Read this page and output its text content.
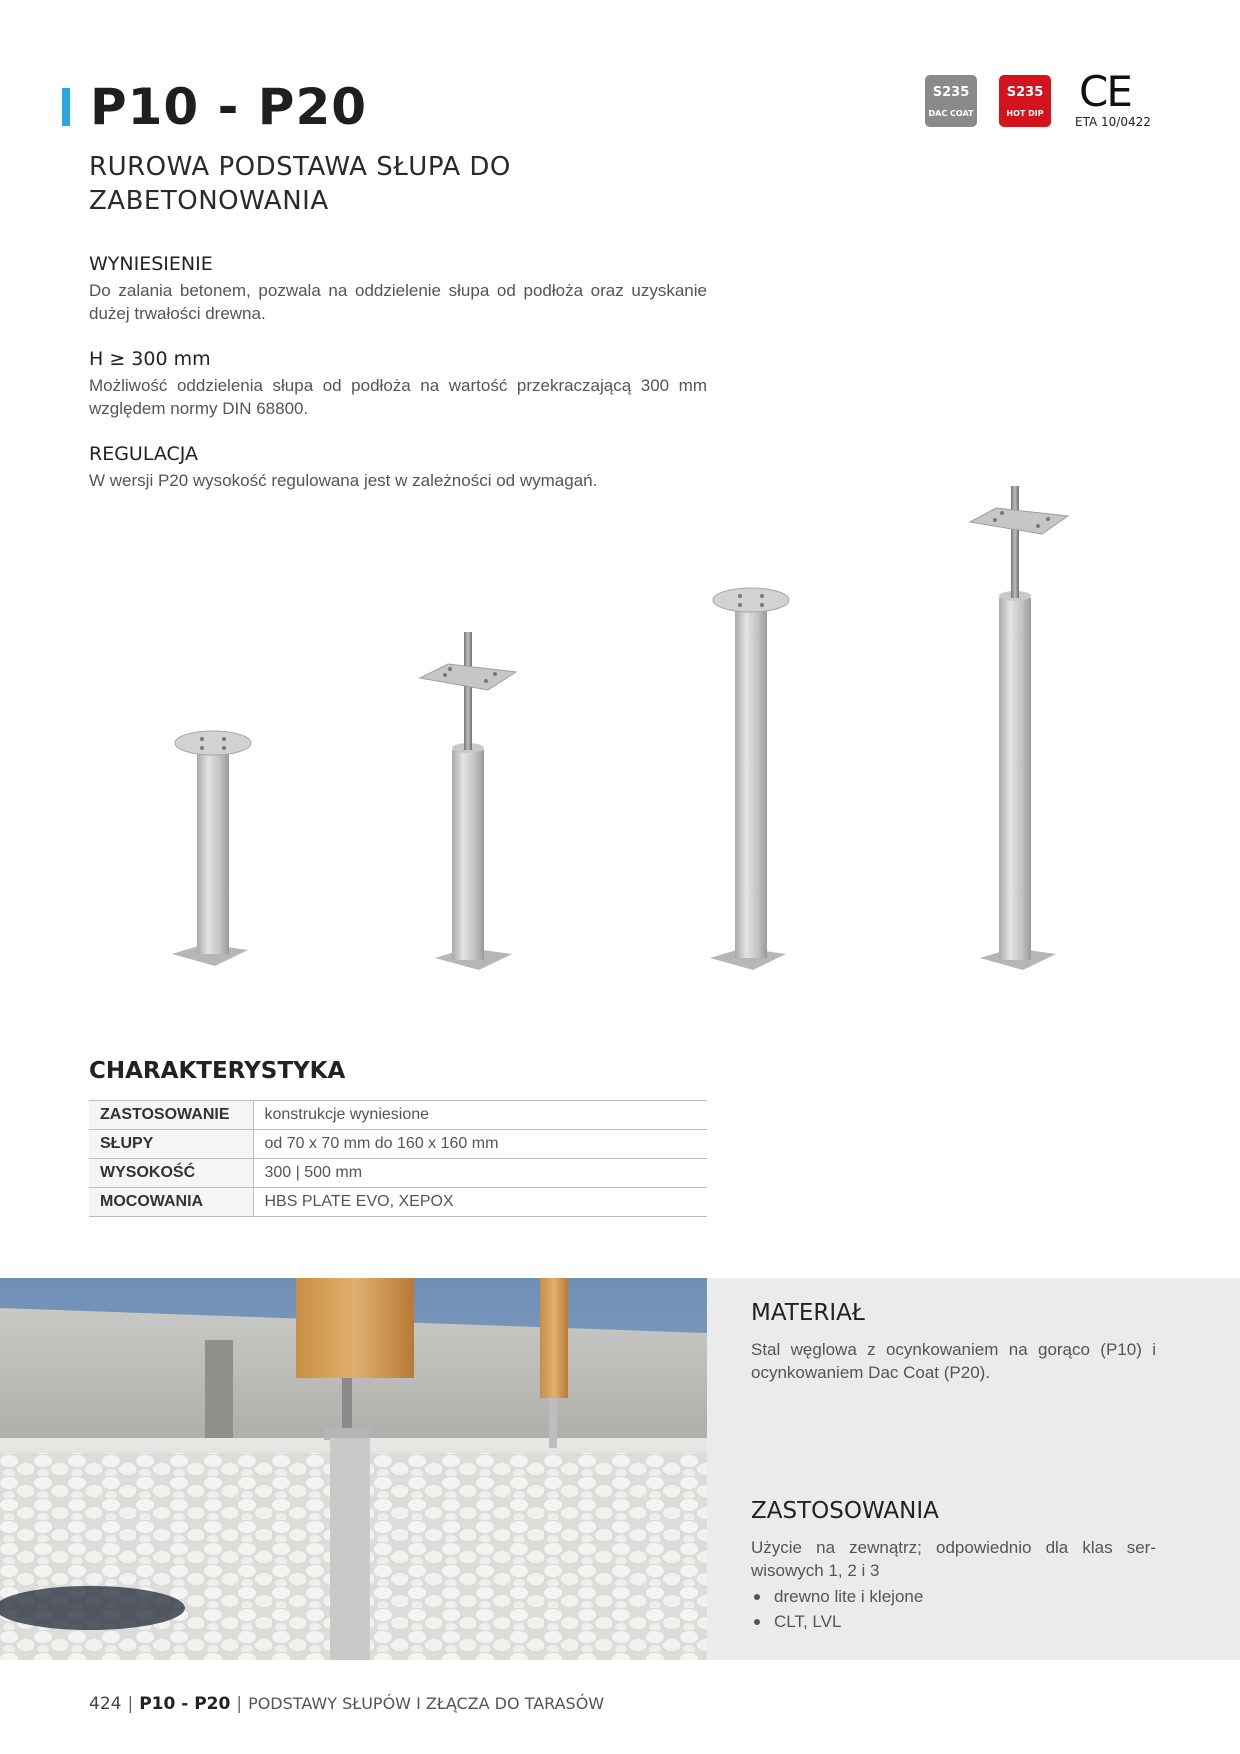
P10 - P20
RUROWA PODSTAWA SŁUPA DO
ZABETONOWANIA
S235
DAC COAT
S235
HOT DIP CE
ETA 10/0422
WYNIESIENIE

Do zalania betonem, pozwala na oddzielenie słupa od podłoża oraz uzyskanie dużej trwałości drewna.

H ≥ 300 mm

Możliwość oddzielenia słupa od podłoża na wartość przekraczającą 300 mm względem normy DIN 68800.

REGULACJA

W wersji P20 wysokość regulowana jest w zależności od wymagań.

CHARAKTERYSTYKA
ZASTOSOWANIE	konstrukcje wyniesione
SŁUPY	od 70 x 70 mm do 160 x 160 mm
WYSOKOŚĆ	300 | 500 mm
MOCOWANIA	HBS PLATE EVO, XEPOX
MATERIAŁ

Stal węglowa z ocynkowaniem na gorąco (P10) i ocynkowaniem Dac Coat (P20).

ZASTOSOWANIA

Użycie na zewnątrz; odpowiednio dla klas ser-wisowych 1, 2 i 3

drewno lite i klejone
CLT, LVL
424 | P10 - P20 | PODSTAWY SŁUPÓW I ZŁĄCZA DO TARASÓW
